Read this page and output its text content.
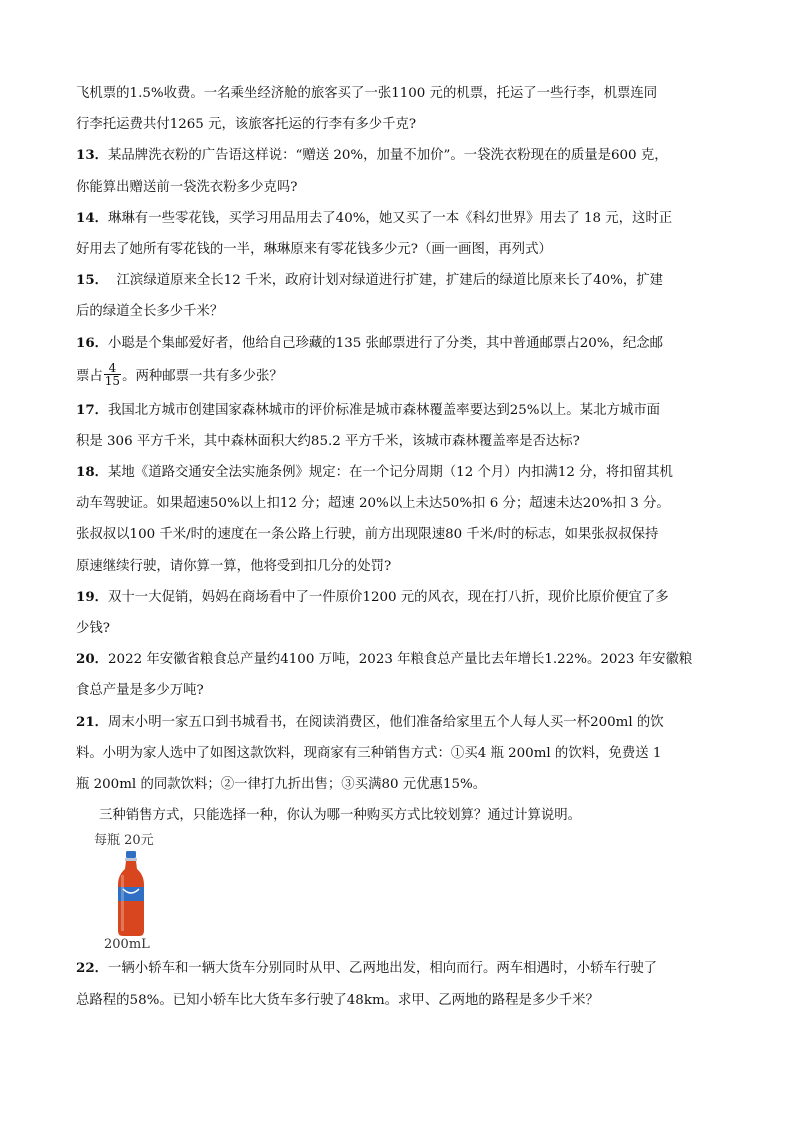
飞机票的1.5%收费。一名乘坐经济舱的旅客买了一张1100 元的机票，托运了一些行李，机票连同
行李托运费共付1265 元，该旅客托运的行李有多少千克?
13．某品牌洗衣粉的广告语这样说：“赠送 20%，加量不加价”。一袋洗衣粉现在的质量是600 克，
你能算出赠送前一袋洗衣粉多少克吗?
14．琳琳有一些零花钱，买学习用品用去了40%，她又买了一本《科幻世界》用去了 18 元，这时正
好用去了她所有零花钱的一半，琳琳原来有零花钱多少元?（画一画图，再列式）
15．  江滨绿道原来全长12 千米，政府计划对绿道进行扩建，扩建后的绿道比原来长了40%，扩建
后的绿道全长多少千米？
16．小聪是个集邮爱好者，他给自己珍藏的135 张邮票进行了分类，其中普通邮票占20%，纪念邮
票占 $\frac{4}{15}$ 。两种邮票一共有多少张？
17．我国北方城市创建国家森林城市的评价标准是城市森林覆盖率要达到25%以上。某北方城市面
积是 306 平方千米，其中森林面积大约85.2 平方千米，该城市森林覆盖率是否达标?
18．某地《道路交通安全法实施条例》规定：在一个记分周期（12 个月）内扣满12 分，将扣留其机
动车驾驶证。如果超速50%以上扣12 分；超速 20%以上未达50%扣 6 分；超速未达20%扣 3 分。
张叔叔以100 千米/时的速度在一条公路上行驶，前方出现限速80 千米/时的标志，如果张叔叔保持
原速继续行驶，请你算一算，他将受到扣几分的处罚?
19．双十一大促销，妈妈在商场看中了一件原价1200 元的风衣，现在打八折，现价比原价便宜了多
少钱?
20．2022 年安徽省粮食总产量约4100 万吨，2023 年粮食总产量比去年增长1.22%。2023 年安徽粮
食总产量是多少万吨?
21．周末小明一家五口到书城看书，在阅读消费区，他们准备给家里五个人每人买一杯200ml 的饮
料。小明为家人选中了如图这款饮料，现商家有三种销售方式：①买4 瓶 200ml 的饮料，免费送 1
瓶 200ml 的同款饮料；②一律打九折出售；③买满80 元优惠15%。
三种销售方式，只能选择一种，你认为哪一种购买方式比较划算？通过计算说明。
每瓶 20元
200mL
22．一辆小轿车和一辆大货车分别同时从甲、乙两地出发，相向而行。两车相遇时，小轿车行驶了
总路程的58%。已知小轿车比大货车多行驶了48km。求甲、乙两地的路程是多少千米？
